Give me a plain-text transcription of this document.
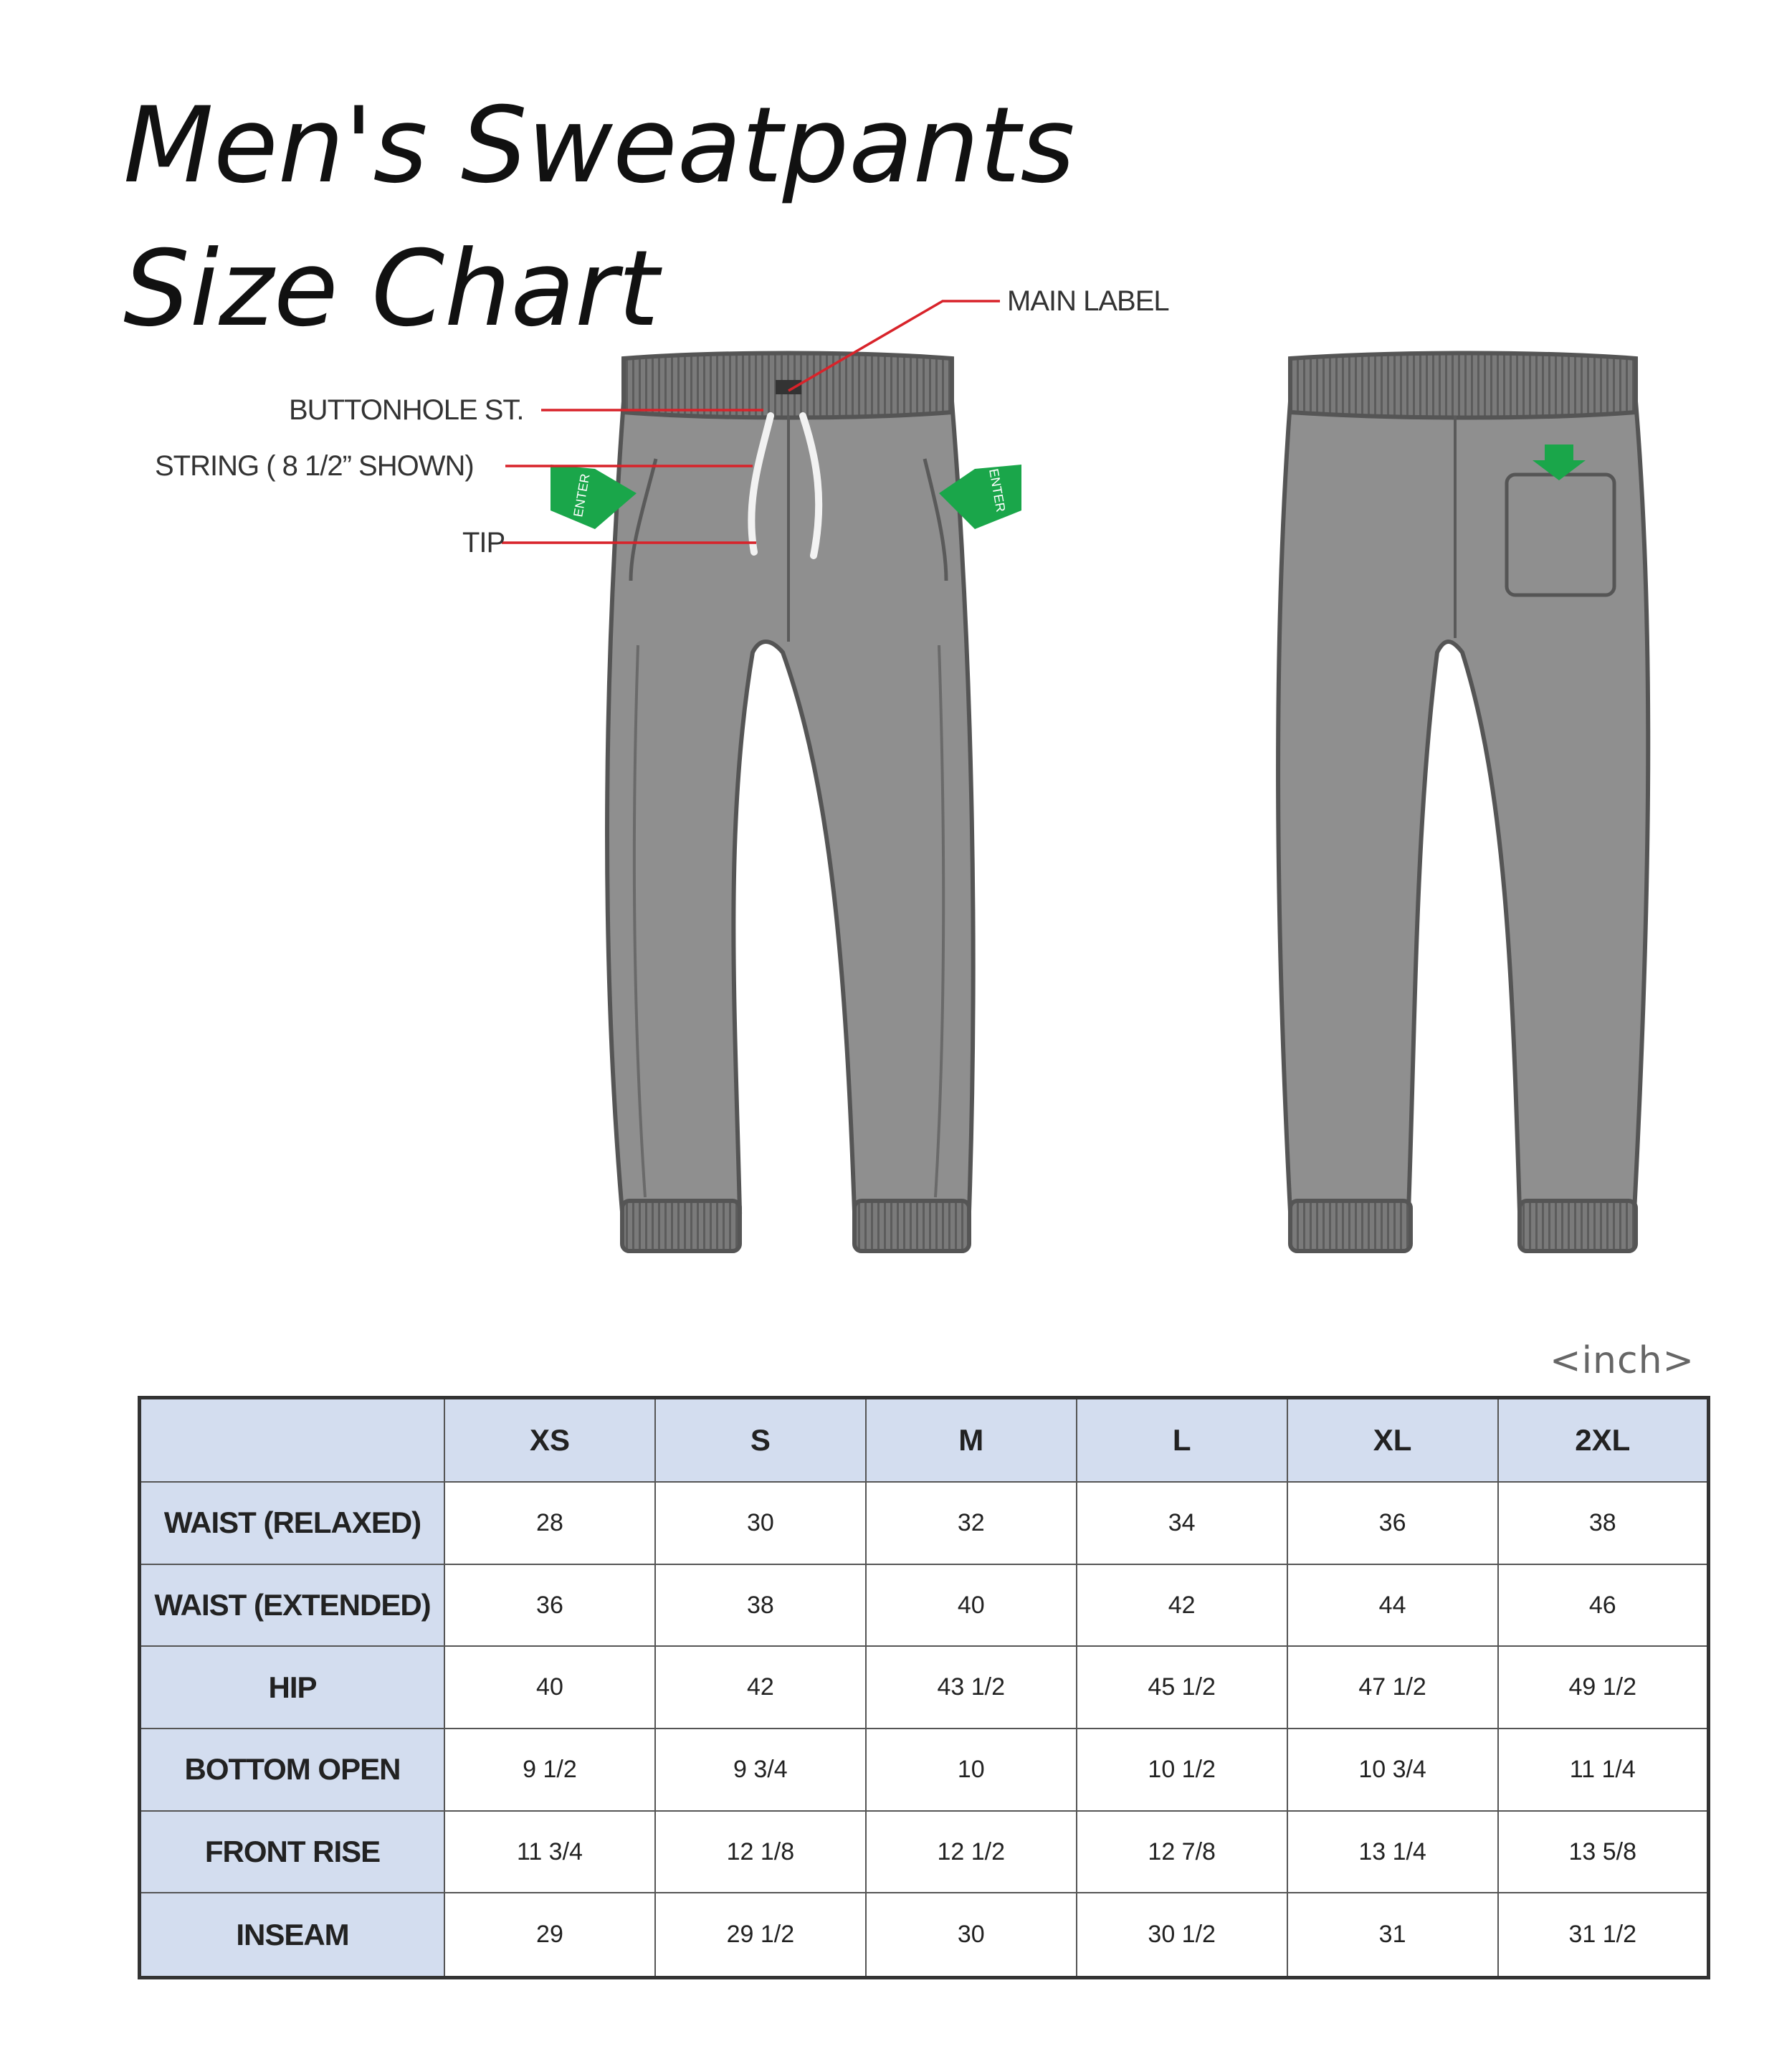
Men's Sweatpants
Size Chart
ENTER	ENTER
MAIN LABEL
BUTTONHOLE ST.
STRING ( 8 1/2” SHOWN)
TIP
<inch>
	XS	S	M	L	XL	2XL
WAIST (RELAXED)	28	30	32	34	36	38
WAIST (EXTENDED)	36	38	40	42	44	46
HIP	40	42	43 1/2	45 1/2	47 1/2	49 1/2
BOTTOM OPEN	9 1/2	9 3/4	10	10 1/2	10 3/4	11 1/4
FRONT RISE	11 3/4	12 1/8	12 1/2	12 7/8	13 1/4	13 5/8
INSEAM	29	29 1/2	30	30 1/2	31	31 1/2
